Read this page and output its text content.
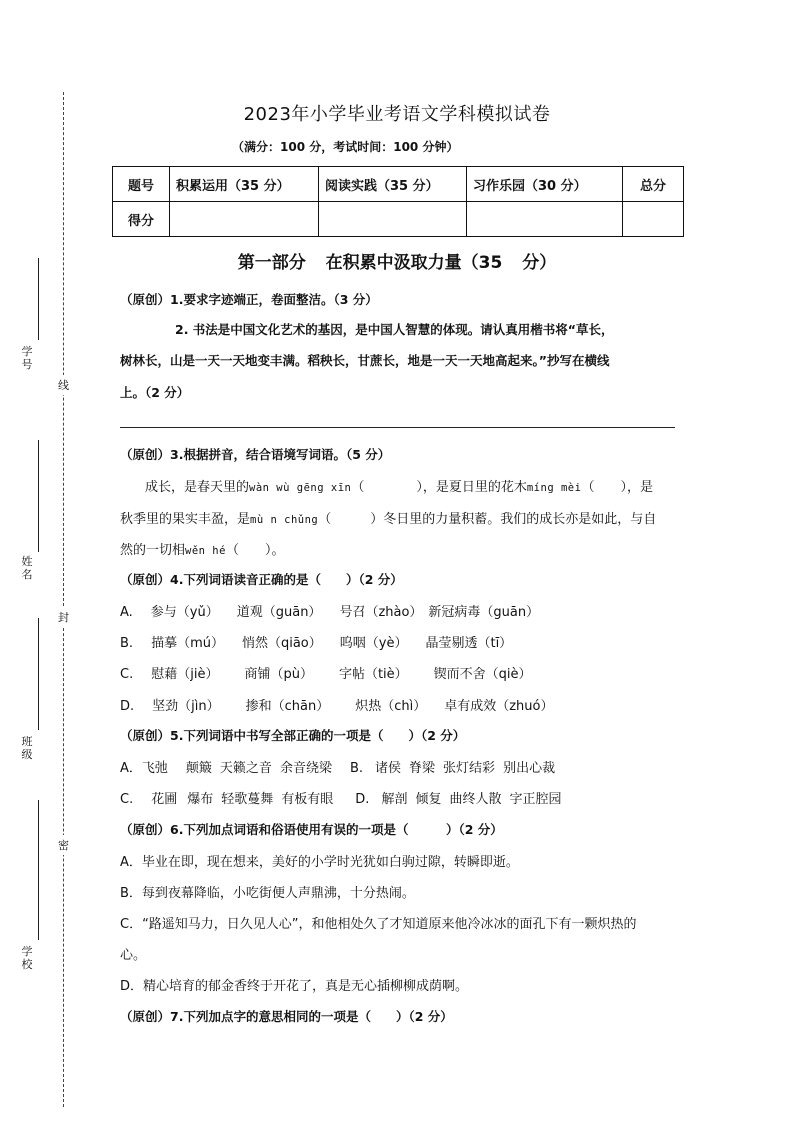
学 号
姓 名
班 级
学校
线
封
密
2023年小学毕业考语文学科模拟试卷
（满分：100 分，考试时间：100 分钟）
题号	积累运用（35 分）	阅读实践（35 分）	习作乐园（30 分）	总分
得分				
第一部分 在积累中汲取力量（35 分）
（原创）1.要求字迹端正，卷面整洁。（3 分）
2. 书法是中国文化艺术的基因，是中国人智慧的体现。请认真用楷书将“草长，
树林长，山是一天一天地变丰满。稻秧长，甘蔗长，地是一天一天地高起来。”抄写在横线
上。（2 分）
（原创）3.根据拼音，结合语境写词语。（5 分）
成长，是春天里的wàn wù gēng xīn（　　　　），是夏日里的花木míng mèi（　　），是
秋季里的果实丰盈，是mù n chǔng（　　　）冬日里的力量积蓄。我们的成长亦是如此，与自
然的一切相wěn hé（　　）。
（原创）4.下列词语读音正确的是（　　）（2 分）
A. 参与（yǔ） 道观（guān） 号召（zhào） 新冠病毒（guān）
B. 描摹（mú） 悄然（qiāo） 呜咽（yè） 晶莹剔透（tī）
C. 慰藉（jiè） 商铺（pù） 字帖（tiè） 锲而不舍（qiè）
D. 坚劲（jìn） 掺和（chān） 炽热（chì） 卓有成效（zhuó）
（原创）5.下列词语中书写全部正确的一项是（　　）（2 分）
A．飞弛 颠簸 天籁之音 余音绕梁 B. 诸侯 脊梁 张灯结彩 别出心裁
C. 花圃 爆布 轻歌蔓舞 有板有眼 D. 解剖 倾复 曲终人散 字正腔园
（原创）6.下列加点词语和俗语使用有误的一项是（　　　）（2 分）
A．毕业在即，现在想来，美好的小学时光犹如白驹过隙，转瞬即逝。
B．每到夜幕降临，小吃街便人声鼎沸，十分热闹。
C．“路遥知马力，日久见人心”，和他相处久了才知道原来他冷冰冰的面孔下有一颗炽热的
心。
D．精心培育的郁金香终于开花了，真是无心插柳柳成荫啊。
（原创）7.下列加点字的意思相同的一项是（　　）（2 分）
